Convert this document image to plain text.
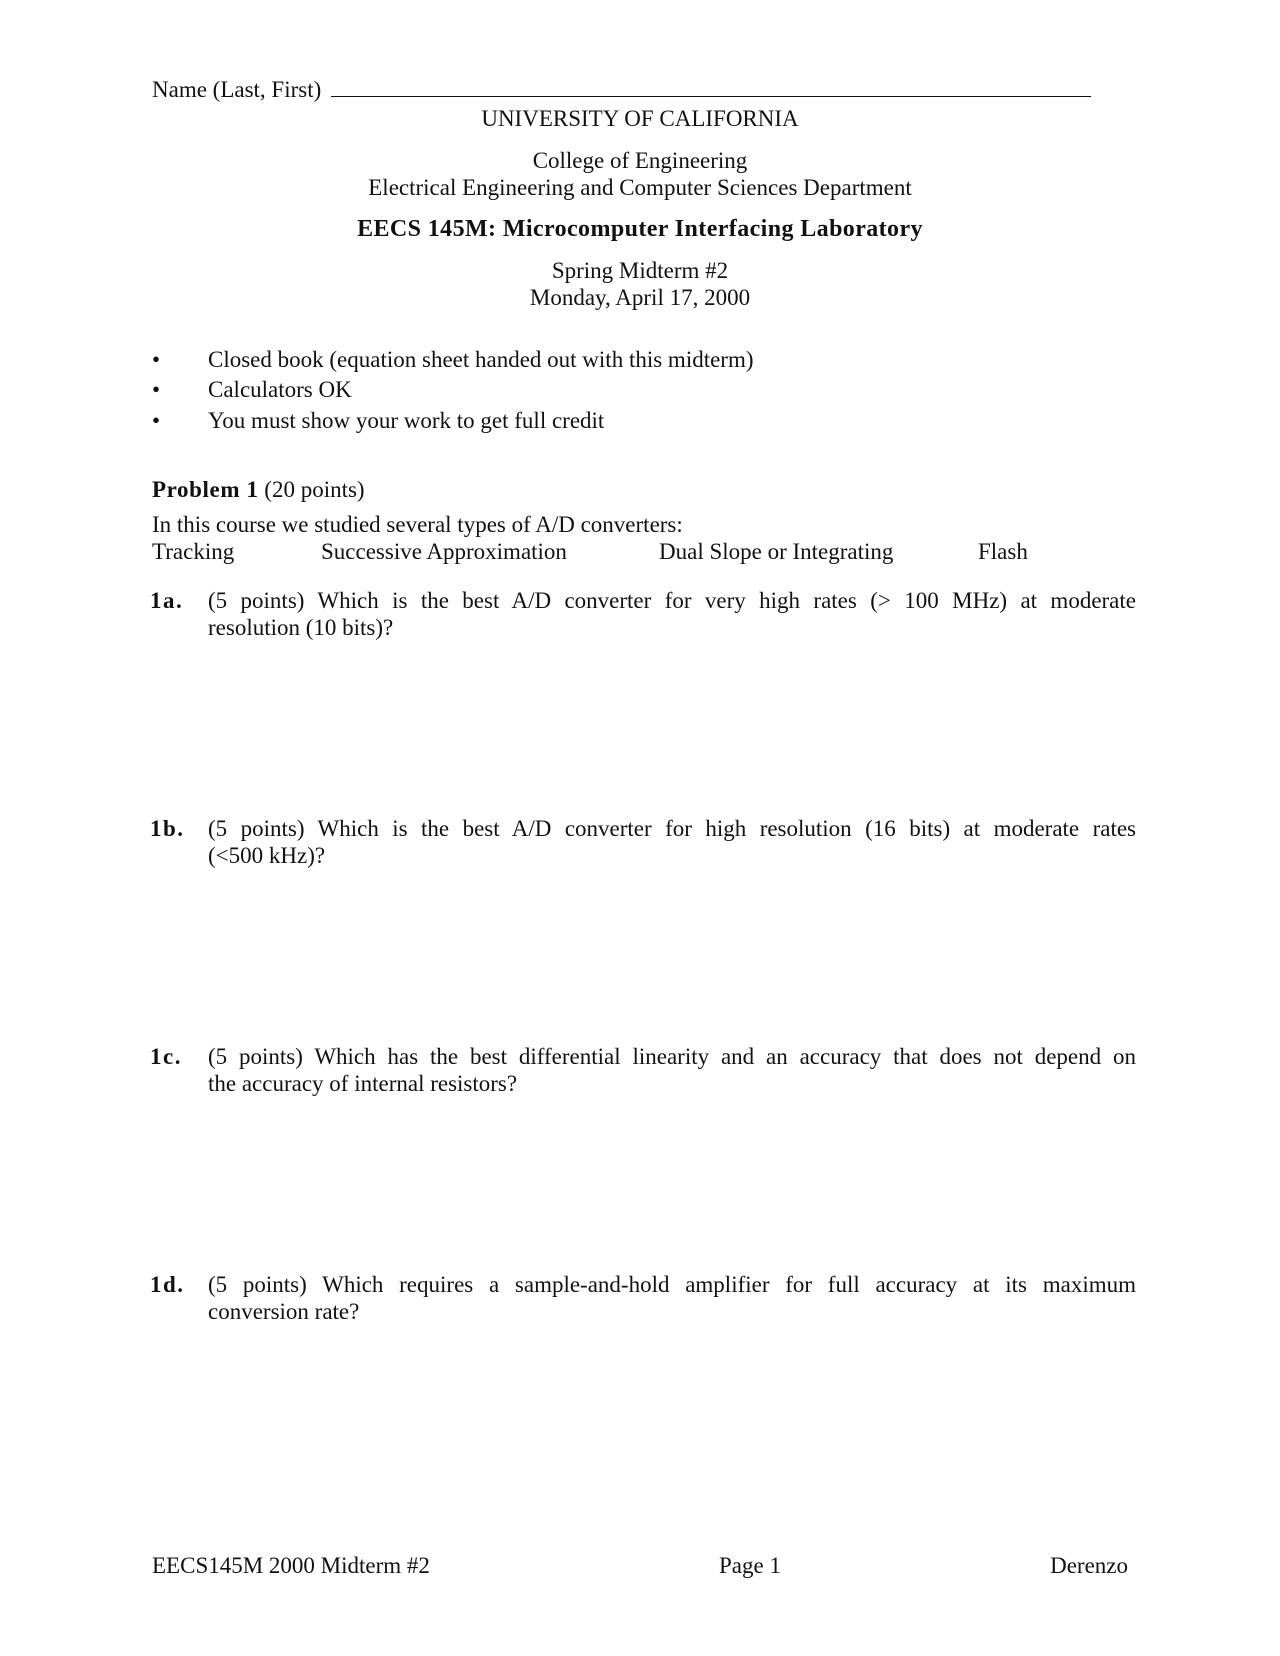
Name (Last, First)
UNIVERSITY OF CALIFORNIA
College of Engineering
Electrical Engineering and Computer Sciences Department
EECS 145M: Microcomputer Interfacing Laboratory
Spring Midterm #2
Monday, April 17, 2000
• Closed book (equation sheet handed out with this midterm)
• Calculators OK
• You must show your work to get full credit
Problem 1 (20 points)
In this course we studied several types of A/D converters:
Tracking	Successive Approximation	Dual Slope or Integrating	Flash
1a. (5 points) Which is the best A/D converter for very high rates (> 100 MHz) at moderate
resolution (10 bits)?
1b. (5 points) Which is the best A/D converter for high resolution (16 bits) at moderate rates
(<500 kHz)?
1c. (5 points) Which has the best differential linearity and an accuracy that does not depend on
the accuracy of internal resistors?
1d. (5 points) Which requires a sample-and-hold amplifier for full accuracy at its maximum
conversion rate?
EECS145M 2000 Midterm #2	Page 1	Derenzo
